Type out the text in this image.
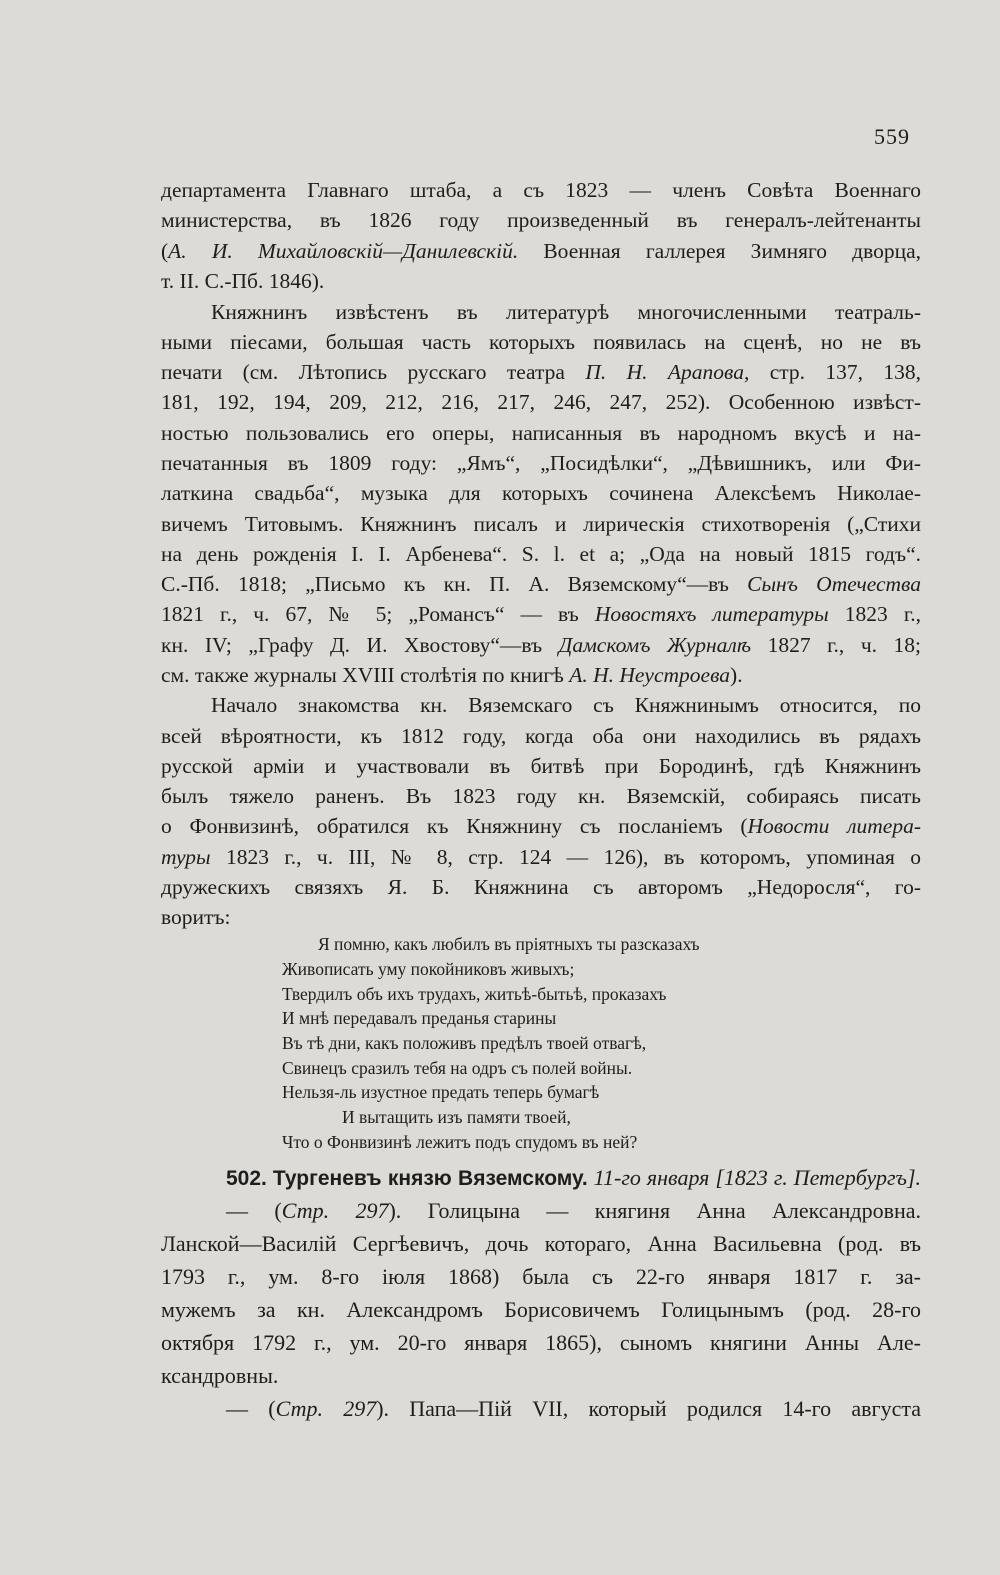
559
департамента Главнаго штаба, а съ 1823 — членъ Совѣта Военнаго
министерства, въ 1826 году произведенный въ генералъ-лейтенанты
(А. И. Михайловскій—Данилевскій. Военная галлерея Зимняго дворца,
т. II. С.-Пб. 1846).
Княжнинъ извѣстенъ въ литературѣ многочисленными театраль-
ными піесами, большая часть которыхъ появилась на сценѣ, но не въ
печати (см. Лѣтопись русскаго театра П. Н. Арапова, стр. 137, 138,
181, 192, 194, 209, 212, 216, 217, 246, 247, 252). Особенною извѣст-
ностью пользовались его оперы, написанныя въ народномъ вкусѣ и на-
печатанныя въ 1809 году: „Ямъ“, „Посидѣлки“, „Дѣвишникъ, или Фи-
латкина свадьба“, музыка для которыхъ сочинена Алексѣемъ Николае-
вичемъ Титовымъ. Княжнинъ писалъ и лирическія стихотворенія („Стихи
на день рожденія I. I. Арбенева“. S. l. et a; „Ода на новый 1815 годъ“.
С.-Пб. 1818; „Письмо къ кн. П. А. Вяземскому“—въ Сынъ Отечества
1821 г., ч. 67, № 5; „Романсъ“ — въ Новостяхъ литературы 1823 г.,
кн. IV; „Графу Д. И. Хвостову“—въ Дамскомъ Журналѣ 1827 г., ч. 18;
см. также журналы XVIII столѣтія по книгѣ А. Н. Неустроева).
Начало знакомства кн. Вяземскаго съ Княжнинымъ относится, по
всей вѣроятности, къ 1812 году, когда оба они находились въ рядахъ
русской арміи и участвовали въ битвѣ при Бородинѣ, гдѣ Княжнинъ
былъ тяжело раненъ. Въ 1823 году кн. Вяземскій, собираясь писать
о Фонвизинѣ, обратился къ Княжнину съ посланіемъ (Новости литера-
туры 1823 г., ч. III, № 8, стр. 124 — 126), въ которомъ, упоминая о
дружескихъ связяхъ Я. Б. Княжнина съ авторомъ „Недоросля“, го-
воритъ:
Я помню, какъ любилъ въ пріятныхъ ты разсказахъ
Живописать уму покойниковъ живыхъ;
Твердилъ объ ихъ трудахъ, житьѣ-бытьѣ, проказахъ
И мнѣ передавалъ преданья старины
Въ тѣ дни, какъ положивъ предѣлъ твоей отвагѣ,
Свинецъ сразилъ тебя на одръ съ полей войны.
Нельзя-ль изустное предать теперь бумагѣ
И вытащить изъ памяти твоей,
Что о Фонвизинѣ лежитъ подъ спудомъ въ ней?
502. Тургеневъ князю Вяземскому. 11-го января [1823 г. Петербургъ].
— (Стр. 297). Голицына — княгиня Анна Александровна.
Ланской—Василій Сергѣевичъ, дочь котораго, Анна Васильевна (род. въ
1793 г., ум. 8-го іюля 1868) была съ 22-го января 1817 г. за-
мужемъ за кн. Александромъ Борисовичемъ Голицынымъ (род. 28-го
октября 1792 г., ум. 20-го января 1865), сыномъ княгини Анны Але-
ксандровны.
— (Стр. 297). Папа—Пій VII, который родился 14-го августа
